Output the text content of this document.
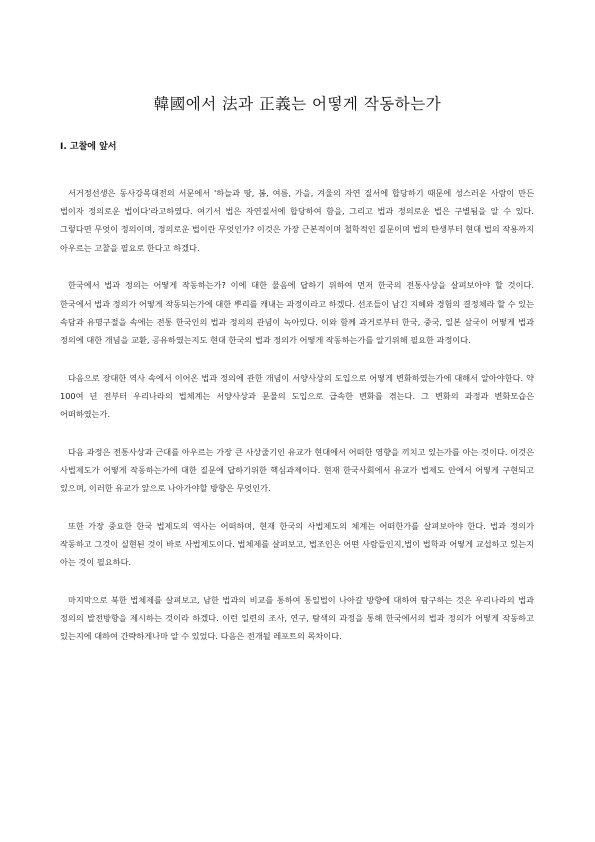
韓國에서 法과 正義는 어떻게 작동하는가
Ⅰ. 고찰에 앞서

서거정선생은 동사강목대전의 서문에서 '하늘과 땅, 봄, 여름, 가을, 겨울의 자연 질서에 합당하기 때문에 성스러운 사람이 만든 법이자 정의로운 법이다'라고하였다. 여기서 법은 자연질서에 합당하여 함을, 그리고 법과 정의로운 법은 구별됨을 알 수 있다. 그렇다면 무엇이 정의이며, 정의로운 법이란 무엇인가? 이것은 가장 근본적이며 철학적인 질문이며 법의 탄생부터 현대 법의 작용까지 아우르는 고찰을 필요로 한다고 하겠다.

한국에서 법과 정의는 어떻게 작동하는가? 이에 대한 물음에 답하기 위하여 먼저 한국의 전통사상을 살펴보아야 할 것이다. 한국에서 법과 정의가 어떻게 작동되는가에 대한 뿌리를 캐내는 과정이라고 하겠다. 선조들이 남긴 지혜와 경험의 결정체라 할 수 있는 속담과 유명구절을 속에는 전통 한국인의 법과 정의의 관념이 녹아있다. 이와 함께 과거로부터 한국, 중국, 일본 삼국이 어떻게 법과 정의에 대한 개념을 교환, 공유하였는지도 현대 한국의 법과 정의가 어떻게 작동하는가를 알기위해 필요한 과정이다.

다음으로 장대한 역사 속에서 이어온 법과 정의에 관한 개념이 서양사상의 도입으로 어떻게 변화하였는가에 대해서 알아야한다. 약 100여 년 전부터 우리나라의 법체계는 서양사상과 문물의 도입으로 급속한 변화를 겪는다. 그 변화의 과정과 변화모습은 어떠하였는가.

다음 과정은 전통사상과 근대를 아우르는 가장 큰 사상줄기인 유교가 현대에서 어떠한 영향을 끼치고 있는가를 아는 것이다. 이것은 사법제도가 어떻게 작동하는가에 대한 질문에 답하기위한 핵심과제이다. 현재 한국사회에서 유교가 법제도 안에서 어떻게 구현되고 있으며, 이러한 유교가 앞으로 나아가야할 방향은 무엇인가.

또한 가장 중요한 한국 법제도의 역사는 어떠하며, 현재 한국의 사법제도의 체계는 어떠한가를 살펴보아야 한다. 법과 정의가 작동하고 그것이 실현된 것이 바로 사법제도이다. 법체제를 살펴보고, 법조인은 어떤 사람들인지,법이 법학과 어떻게 교섭하고 있는지 아는 것이 필요하다.

마지막으로 북한 법체제를 살펴보고, 남한 법과의 비교를 통하여 통일법이 나아갈 방향에 대하여 탐구하는 것은 우리나라의 법과 정의의 발전방향을 제시하는 것이라 하겠다. 이런 일련의 조사, 연구, 탐색의 과정을 통해 한국에서의 법과 정의가 어떻게 작동하고 있는지에 대하여 간략하게나마 알 수 있었다. 다음은 전개될 레포트의 목차이다.
